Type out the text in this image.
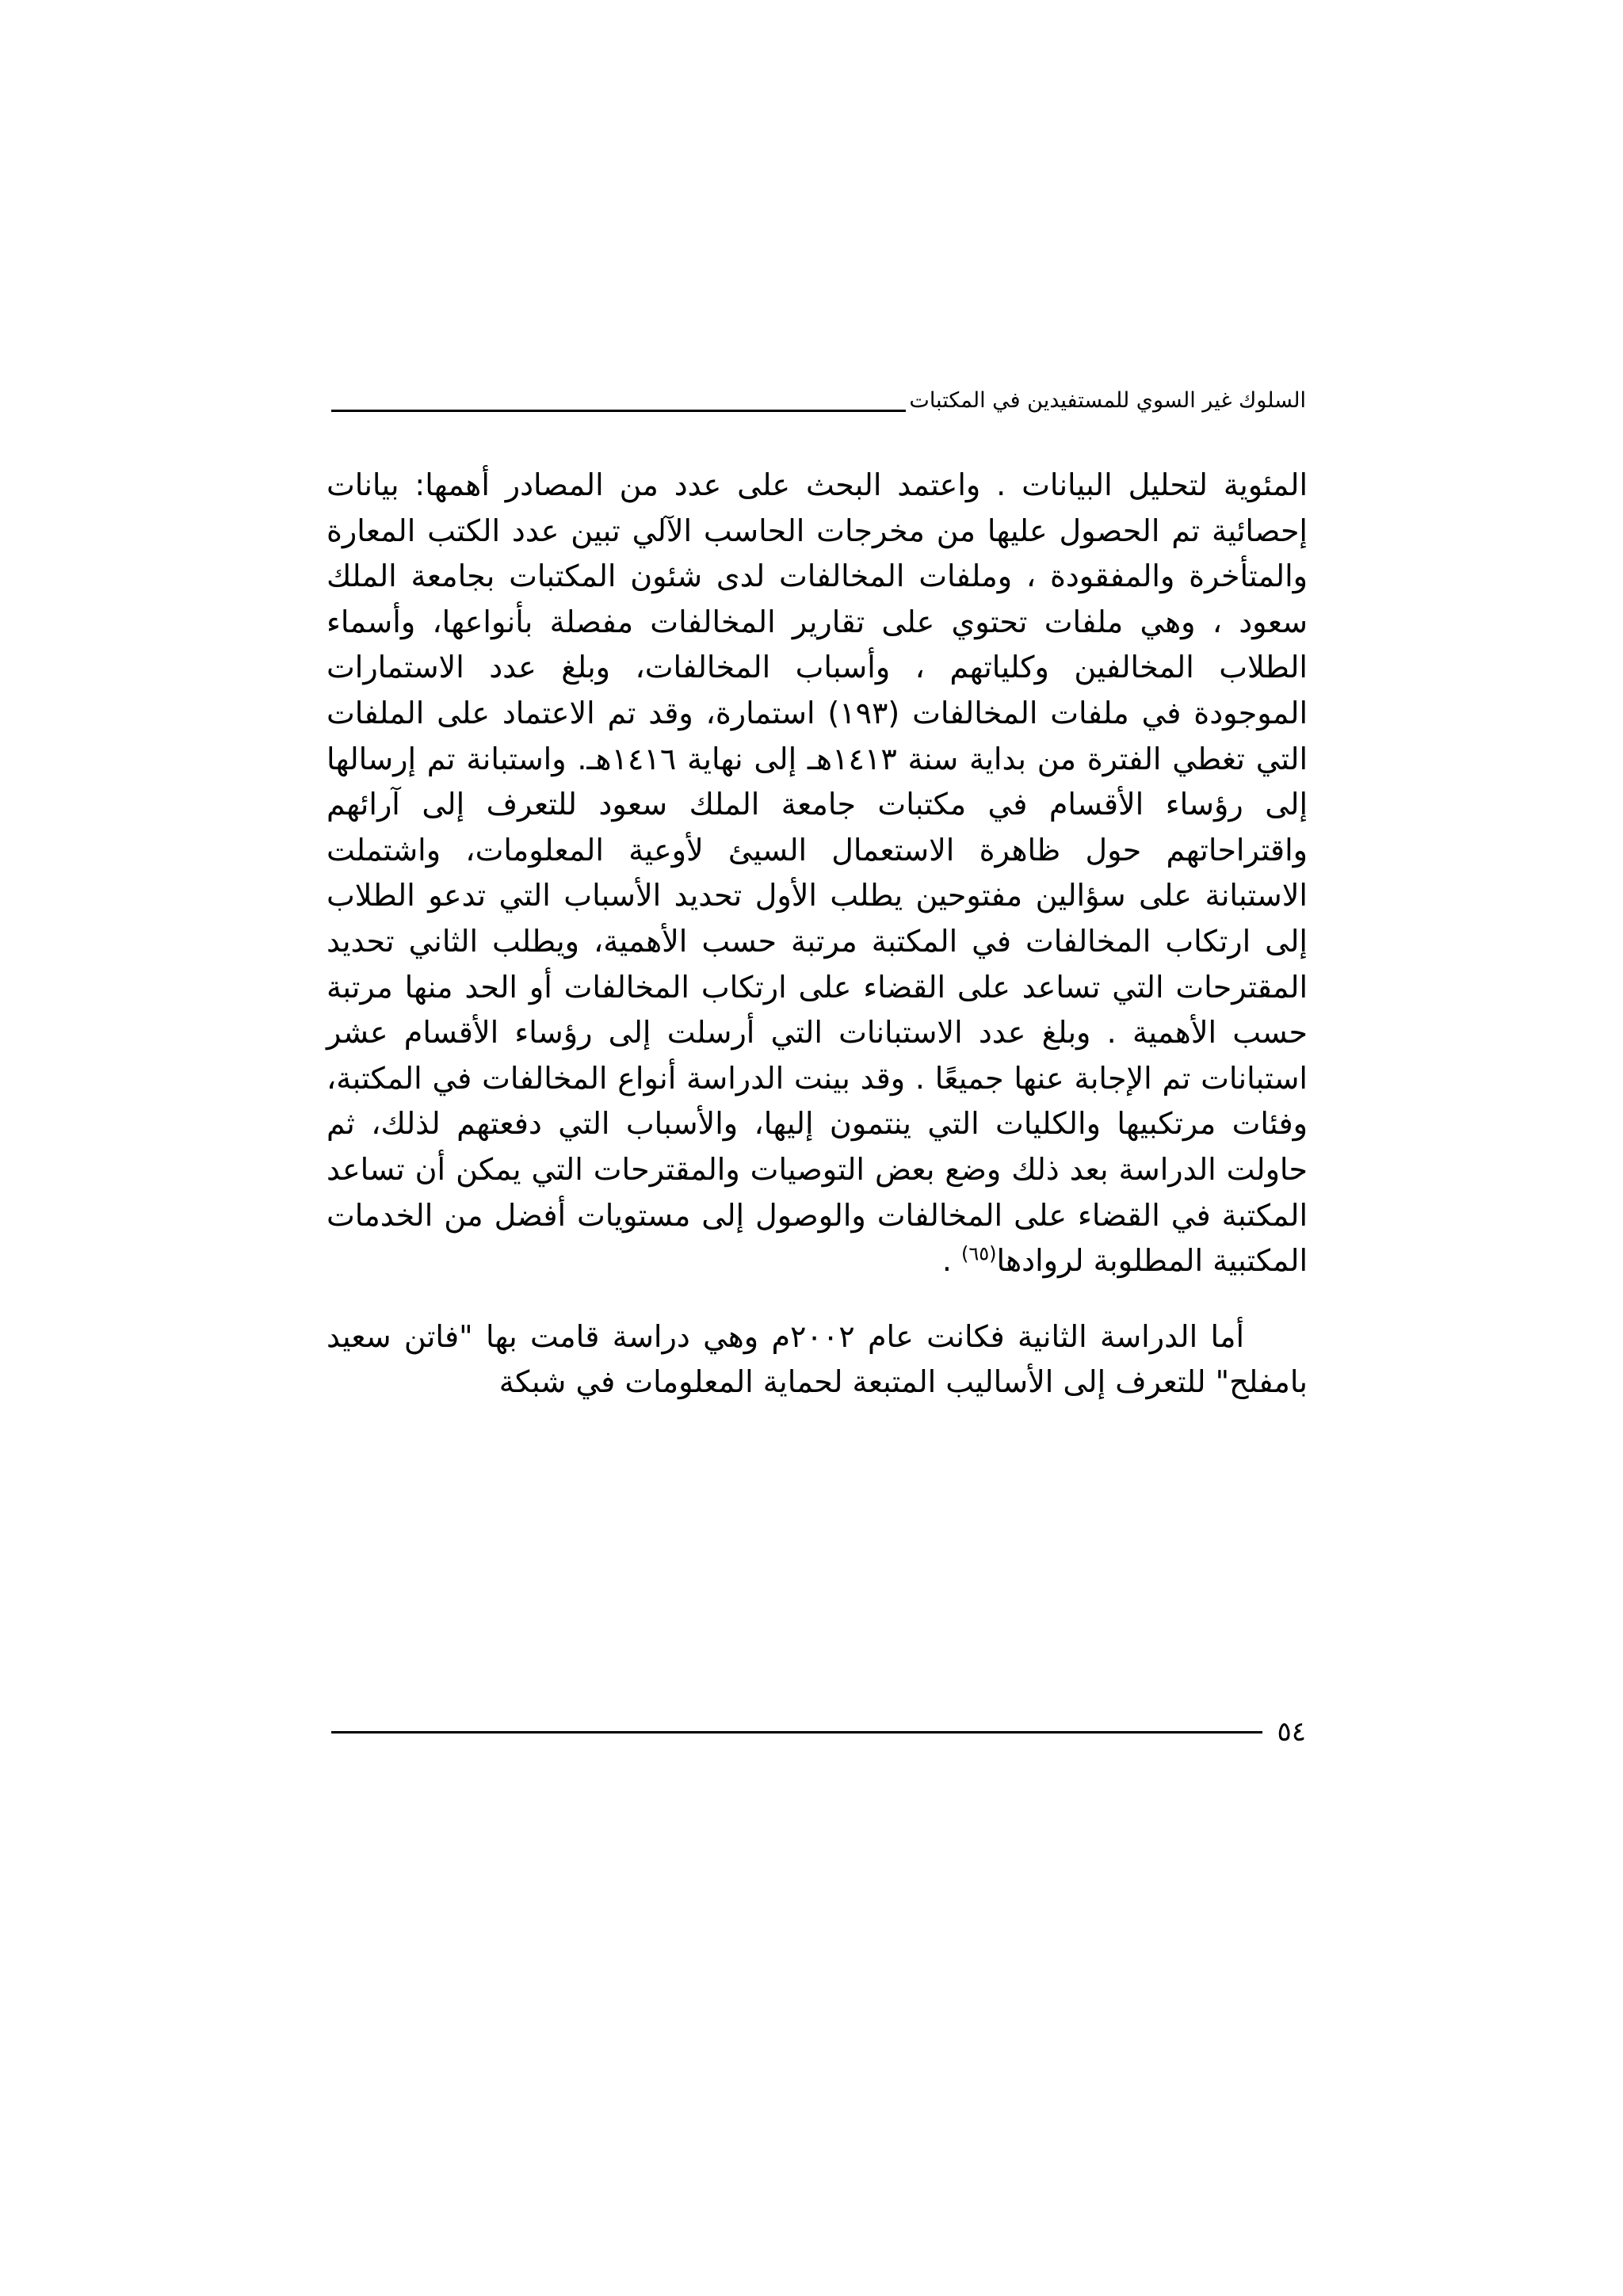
السلوك غير السوي للمستفيدين في المكتبات

المئوية لتحليل البيانات . واعتمد البحث على عدد من المصادر أهمها: بيانات إحصائية تم الحصول عليها من مخرجات الحاسب الآلي تبين عدد الكتب المعارة والمتأخرة والمفقودة ، وملفات المخالفات لدى شئون المكتبات بجامعة الملك سعود ، وهي ملفات تحتوي على تقارير المخالفات مفصلة بأنواعها، وأسماء الطلاب المخالفين وكلياتهم ، وأسباب المخالفات، وبلغ عدد الاستمارات الموجودة في ملفات المخالفات (١٩٣) استمارة، وقد تم الاعتماد على الملفات التي تغطي الفترة من بداية سنة ١٤١٣هـ إلى نهاية ١٤١٦هـ. واستبانة تم إرسالها إلى رؤساء الأقسام في مكتبات جامعة الملك سعود للتعرف إلى آرائهم واقتراحاتهم حول ظاهرة الاستعمال السيئ لأوعية المعلومات، واشتملت الاستبانة على سؤالين مفتوحين يطلب الأول تحديد الأسباب التي تدعو الطلاب إلى ارتكاب المخالفات في المكتبة مرتبة حسب الأهمية، ويطلب الثاني تحديد المقترحات التي تساعد على القضاء على ارتكاب المخالفات أو الحد منها مرتبة حسب الأهمية . وبلغ عدد الاستبانات التي أرسلت إلى رؤساء الأقسام عشر استبانات تم الإجابة عنها جميعًا . وقد بينت الدراسة أنواع المخالفات في المكتبة، وفئات مرتكبيها والكليات التي ينتمون إليها، والأسباب التي دفعتهم لذلك، ثم حاولت الدراسة بعد ذلك وضع بعض التوصيات والمقترحات التي يمكن أن تساعد المكتبة في القضاء على المخالفات والوصول إلى مستويات أفضل من الخدمات المكتبية المطلوبة لروادها$^{(٦٥)}$ .

أما الدراسة الثانية فكانت عام ٢٠٠٢م وهي دراسة قامت بها "فاتن سعيد بامفلح" للتعرف إلى الأساليب المتبعة لحماية المعلومات في شبكة

٥٤
